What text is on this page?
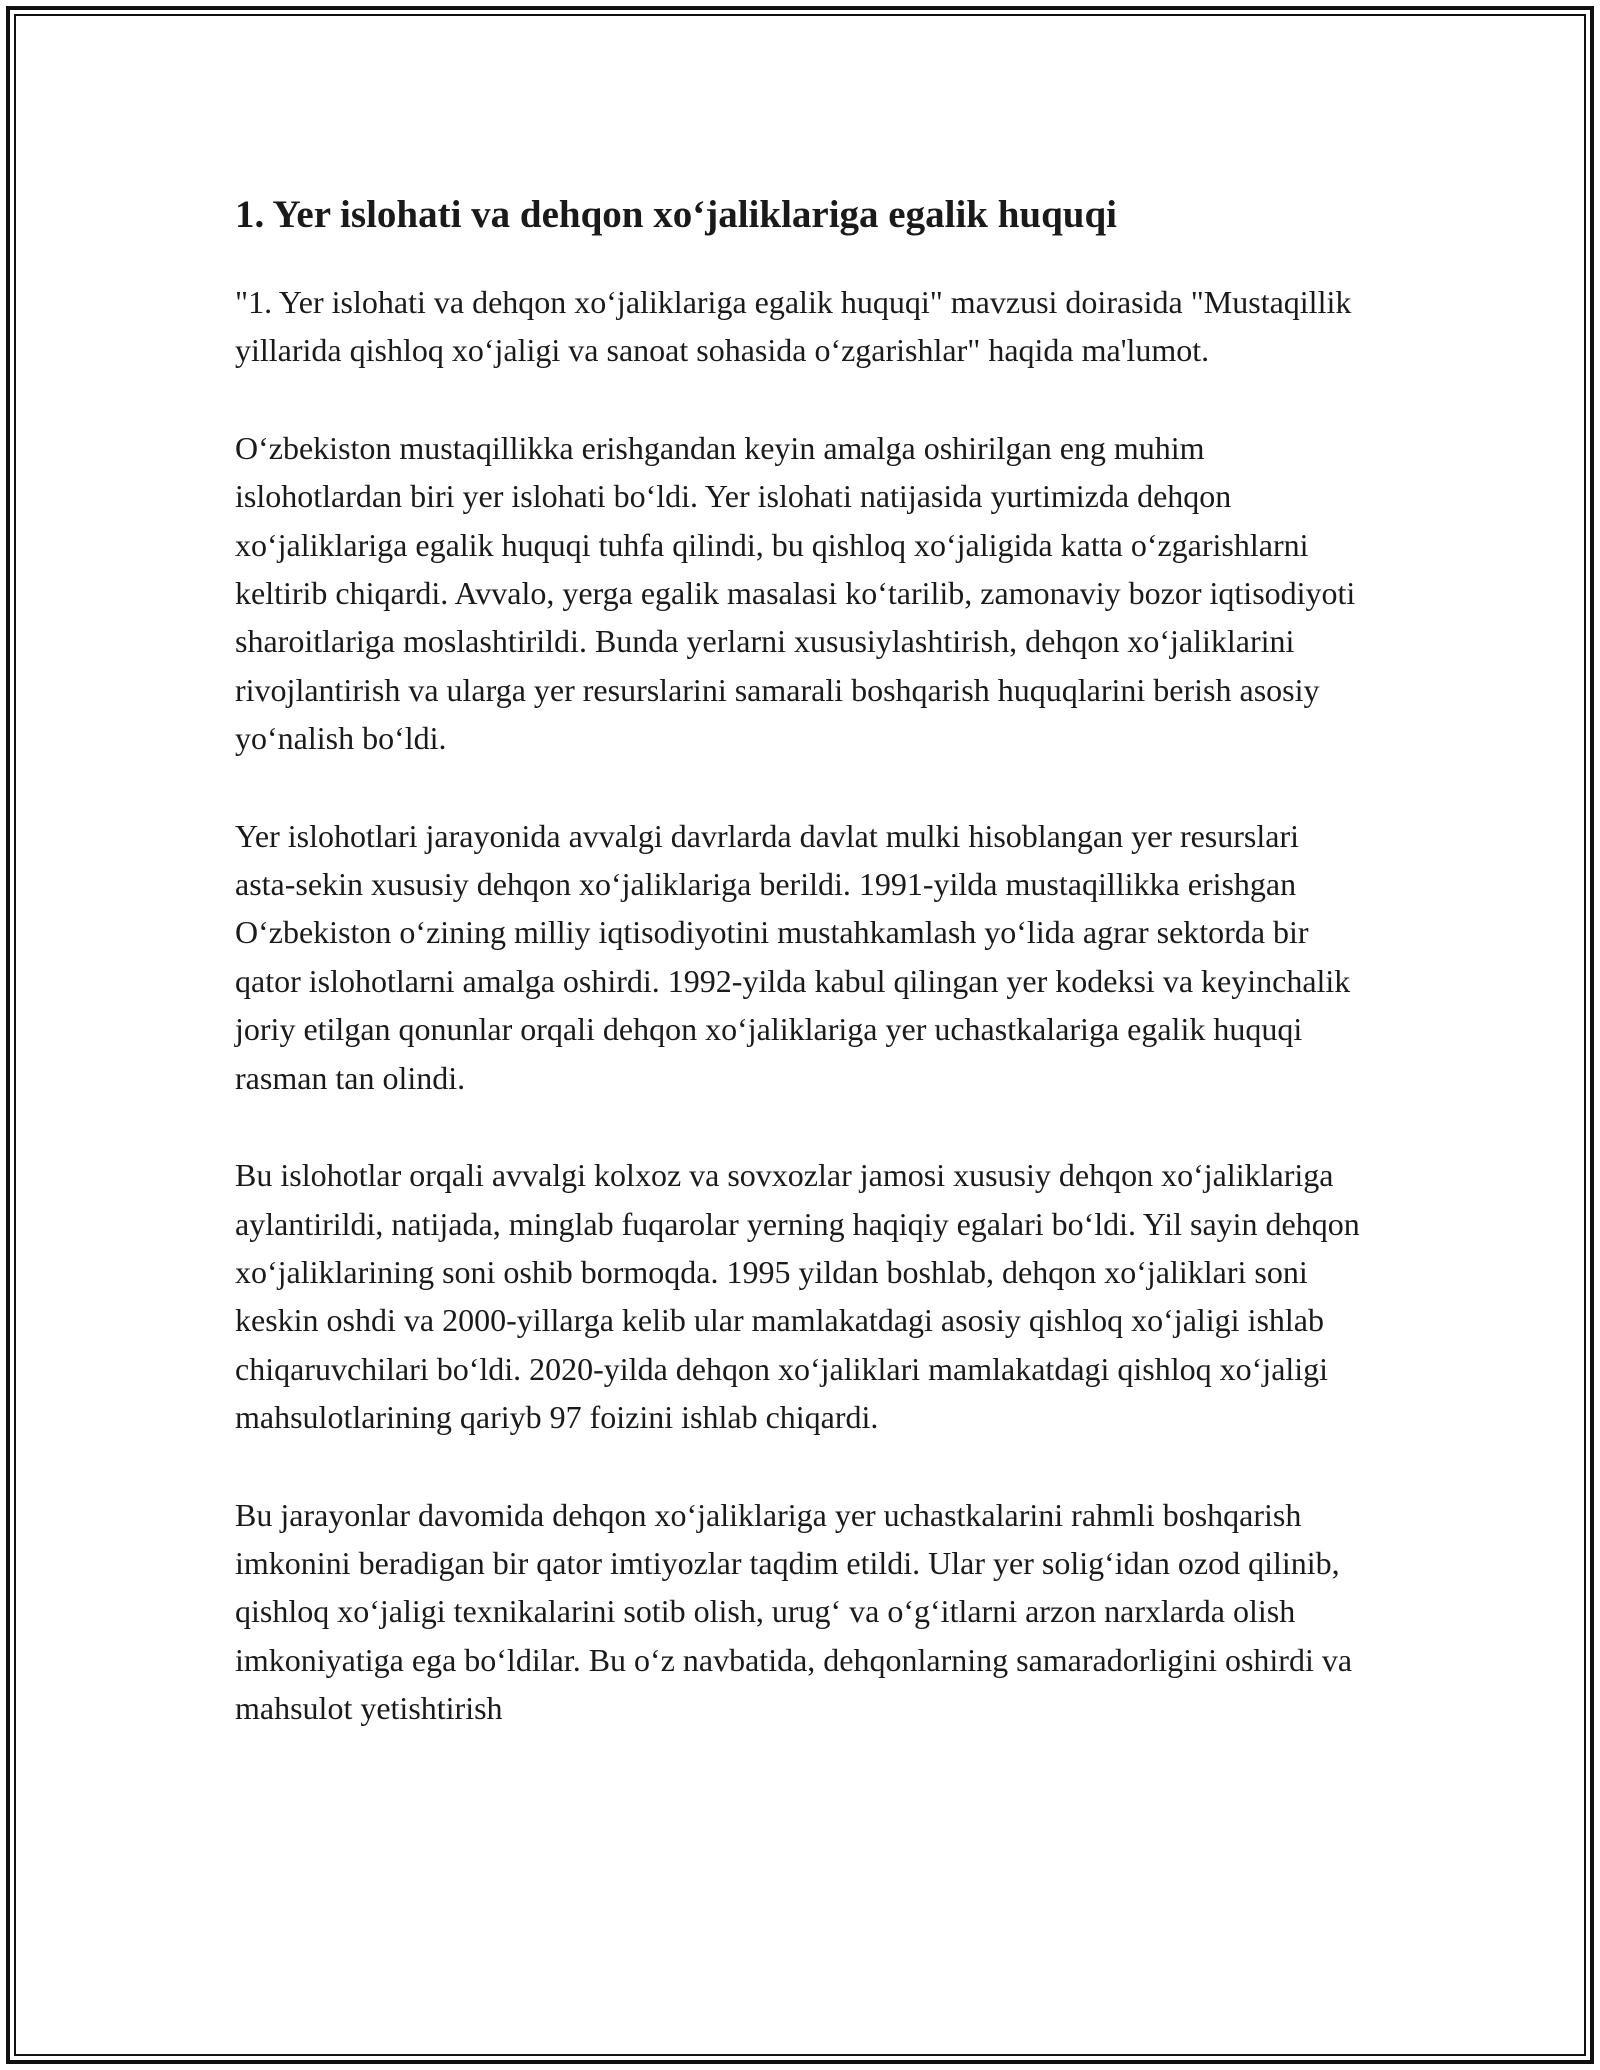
1. Yer islohati va dehqon xo‘jaliklariga egalik huquqi

"1. Yer islohati va dehqon xo‘jaliklariga egalik huquqi" mavzusi doirasida "Mustaqillik yillarida qishloq xo‘jaligi va sanoat sohasida o‘zgarishlar" haqida ma'lumot.

O‘zbekiston mustaqillikka erishgandan keyin amalga oshirilgan eng muhim islohotlardan biri yer islohati bo‘ldi. Yer islohati natijasida yurtimizda dehqon xo‘jaliklariga egalik huquqi tuhfa qilindi, bu qishloq xo‘jaligida katta o‘zgarishlarni keltirib chiqardi. Avvalo, yerga egalik masalasi ko‘tarilib, zamonaviy bozor iqtisodiyoti sharoitlariga moslashtirildi. Bunda yerlarni xususiylashtirish, dehqon xo‘jaliklarini rivojlantirish va ularga yer resurslarini samarali boshqarish huquqlarini berish asosiy yo‘nalish bo‘ldi.

Yer islohotlari jarayonida avvalgi davrlarda davlat mulki hisoblangan yer resurslari asta-sekin xususiy dehqon xo‘jaliklariga berildi. 1991-yilda mustaqillikka erishgan O‘zbekiston o‘zining milliy iqtisodiyotini mustahkamlash yo‘lida agrar sektorda bir qator islohotlarni amalga oshirdi. 1992-yilda kabul qilingan yer kodeksi va keyinchalik joriy etilgan qonunlar orqali dehqon xo‘jaliklariga yer uchastkalariga egalik huquqi rasman tan olindi.

Bu islohotlar orqali avvalgi kolxoz va sovxozlar jamosi xususiy dehqon xo‘jaliklariga aylantirildi, natijada, minglab fuqarolar yerning haqiqiy egalari bo‘ldi. Yil sayin dehqon xo‘jaliklarining soni oshib bormoqda. 1995 yildan boshlab, dehqon xo‘jaliklari soni keskin oshdi va 2000-yillarga kelib ular mamlakatdagi asosiy qishloq xo‘jaligi ishlab chiqaruvchilari bo‘ldi. 2020-yilda dehqon xo‘jaliklari mamlakatdagi qishloq xo‘jaligi mahsulotlarining qariyb 97 foizini ishlab chiqardi.

Bu jarayonlar davomida dehqon xo‘jaliklariga yer uchastkalarini rahmli boshqarish imkonini beradigan bir qator imtiyozlar taqdim etildi. Ular yer solig‘idan ozod qilinib, qishloq xo‘jaligi texnikalarini sotib olish, urug‘ va o‘g‘itlarni arzon narxlarda olish imkoniyatiga ega bo‘ldilar. Bu o‘z navbatida, dehqonlarning samaradorligini oshirdi va mahsulot yetishtirish
